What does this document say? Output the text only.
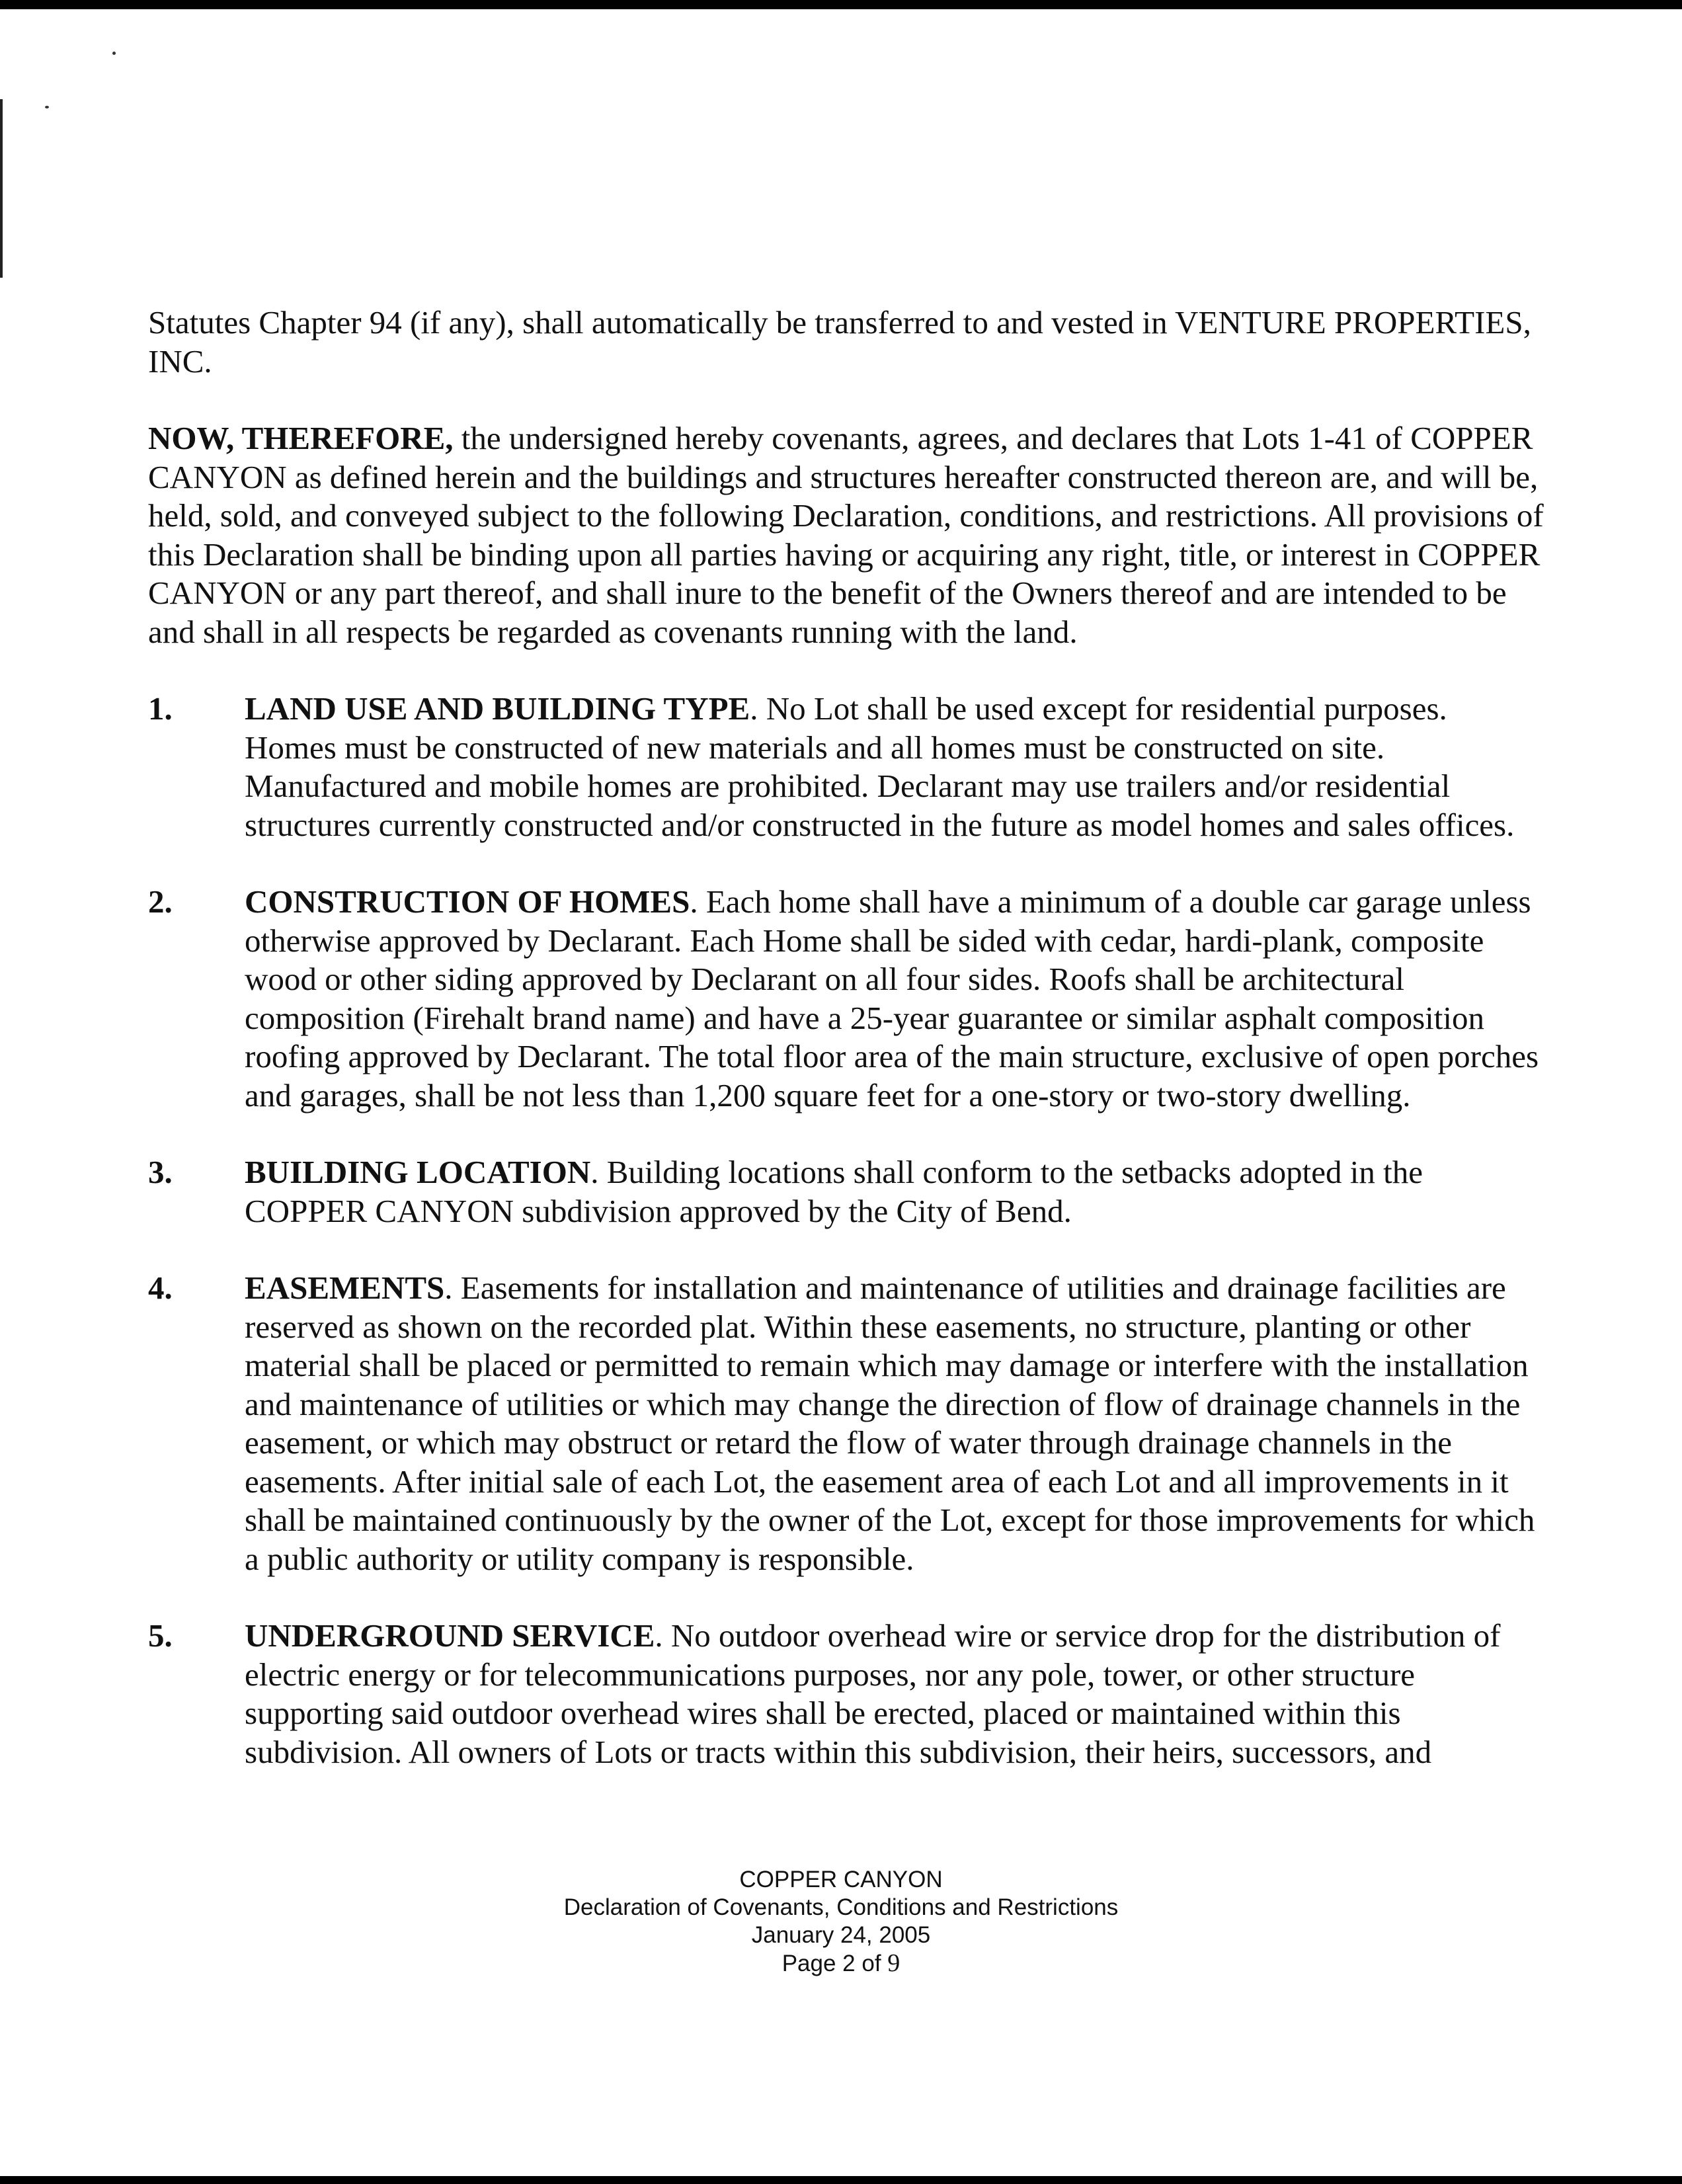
Statutes Chapter 94 (if any), shall automatically be transferred to and vested in VENTURE PROPERTIES, INC.

NOW, THEREFORE, the undersigned hereby covenants, agrees, and declares that Lots 1-41 of COPPER CANYON as defined herein and the buildings and structures hereafter constructed thereon are, and will be, held, sold, and conveyed subject to the following Declaration, conditions, and restrictions. All provisions of this Declaration shall be binding upon all parties having or acquiring any right, title, or interest in COPPER CANYON or any part thereof, and shall inure to the benefit of the Owners thereof and are intended to be and shall in all respects be regarded as covenants running with the land.

1.	LAND USE AND BUILDING TYPE. No Lot shall be used except for residential purposes. Homes must be constructed of new materials and all homes must be constructed on site. Manufactured and mobile homes are prohibited. Declarant may use trailers and/or residential structures currently constructed and/or constructed in the future as model homes and sales offices.
2.	CONSTRUCTION OF HOMES. Each home shall have a minimum of a double car garage unless otherwise approved by Declarant. Each Home shall be sided with cedar, hardi-plank, composite wood or other siding approved by Declarant on all four sides. Roofs shall be architectural composition (Firehalt brand name) and have a 25-year guarantee or similar asphalt composition roofing approved by Declarant. The total floor area of the main structure, exclusive of open porches and garages, shall be not less than 1,200 square feet for a one-story or two-story dwelling.
3.	BUILDING LOCATION. Building locations shall conform to the setbacks adopted in the COPPER CANYON subdivision approved by the City of Bend.
4.	EASEMENTS. Easements for installation and maintenance of utilities and drainage facilities are reserved as shown on the recorded plat. Within these easements, no structure, planting or other material shall be placed or permitted to remain which may damage or interfere with the installation and maintenance of utilities or which may change the direction of flow of drainage channels in the easement, or which may obstruct or retard the flow of water through drainage channels in the easements. After initial sale of each Lot, the easement area of each Lot and all improvements in it shall be maintained continuously by the owner of the Lot, except for those improvements for which a public authority or utility company is responsible.
5.	UNDERGROUND SERVICE. No outdoor overhead wire or service drop for the distribution of electric energy or for telecommunications purposes, nor any pole, tower, or other structure supporting said outdoor overhead wires shall be erected, placed or maintained within this subdivision. All owners of Lots or tracts within this subdivision, their heirs, successors, and
COPPER CANYON
Declaration of Covenants, Conditions and Restrictions
January 24, 2005
Page 2 of 9
